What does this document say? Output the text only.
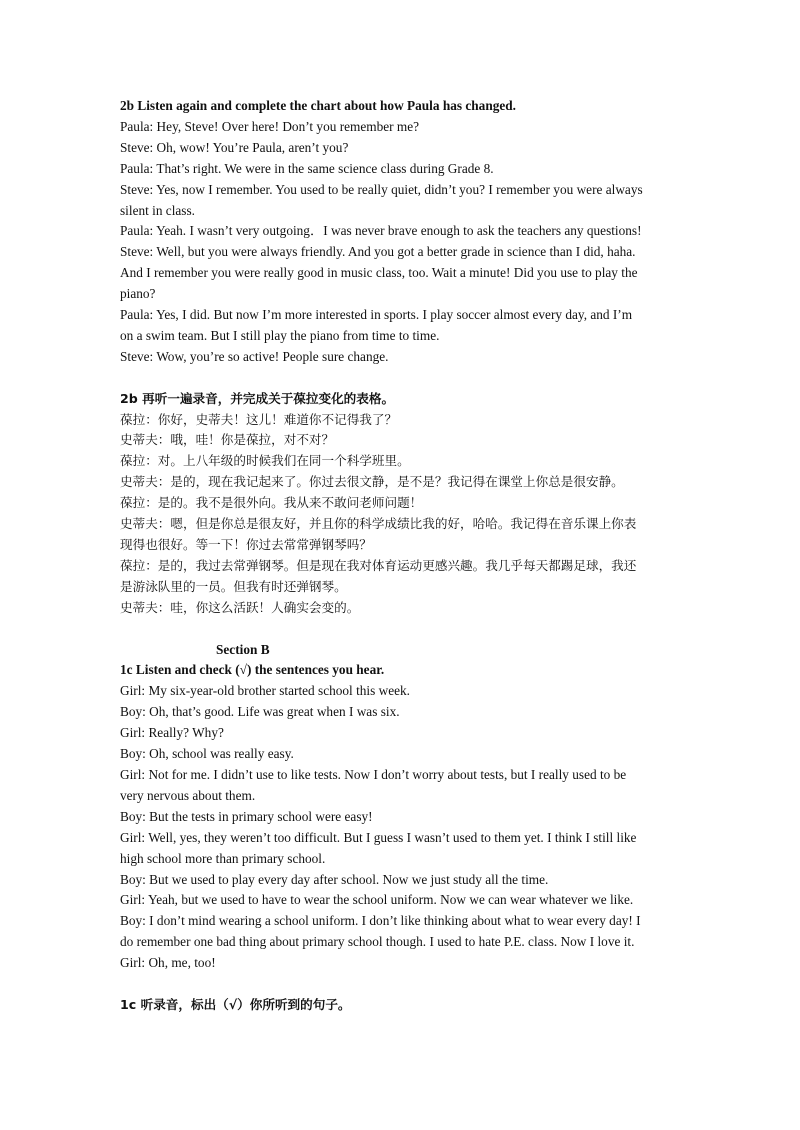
2b Listen again and complete the chart about how Paula has changed.

Paula: Hey, Steve! Over here! Don’t you remember me?

Steve: Oh, wow! You’re Paula, aren’t you?

Paula: That’s right. We were in the same science class during Grade 8.

Steve: Yes, now I remember. You used to be really quiet, didn’t you? I remember you were always

silent in class.

Paula: Yeah. I wasn’t very outgoing．I was never brave enough to ask the teachers any questions!

Steve: Well, but you were always friendly. And you got a better grade in science than I did, haha.

And I remember you were really good in music class, too. Wait a minute! Did you use to play the

piano?

Paula: Yes, I did. But now I’m more interested in sports. I play soccer almost every day, and I’m

on a swim team. But I still play the piano from time to time.

Steve: Wow, you’re so active! People sure change.

2b 再听一遍录音，并完成关于葆拉变化的表格。

葆拉：你好，史蒂夫！这儿！难道你不记得我了？

史蒂夫：哦，哇！你是葆拉，对不对？

葆拉：对。上八年级的时候我们在同一个科学班里。

史蒂夫：是的，现在我记起来了。你过去很文静，是不是？我记得在课堂上你总是很安静。

葆拉：是的。我不是很外向。我从来不敢问老师问题！

史蒂夫：嗯，但是你总是很友好，并且你的科学成绩比我的好，哈哈。我记得在音乐课上你表

现得也很好。等一下！你过去常常弹钢琴吗？

葆拉：是的，我过去常弹钢琴。但是现在我对体育运动更感兴趣。我几乎每天都踢足球，我还

是游泳队里的一员。但我有时还弹钢琴。

史蒂夫：哇，你这么活跃！人确实会变的。

Section B

1c Listen and check (√) the sentences you hear.

Girl: My six-year-old brother started school this week.

Boy: Oh, that’s good. Life was great when I was six.

Girl: Really? Why?

Boy: Oh, school was really easy.

Girl: Not for me. I didn’t use to like tests. Now I don’t worry about tests, but I really used to be

very nervous about them.

Boy: But the tests in primary school were easy!

Girl: Well, yes, they weren’t too difficult. But I guess I wasn’t used to them yet. I think I still like

high school more than primary school.

Boy: But we used to play every day after school. Now we just study all the time.

Girl: Yeah, but we used to have to wear the school uniform. Now we can wear whatever we like.

Boy: I don’t mind wearing a school uniform. I don’t like thinking about what to wear every day! I

do remember one bad thing about primary school though. I used to hate P.E. class. Now I love it.

Girl: Oh, me, too!

1c 听录音，标出（√）你所听到的句子。
